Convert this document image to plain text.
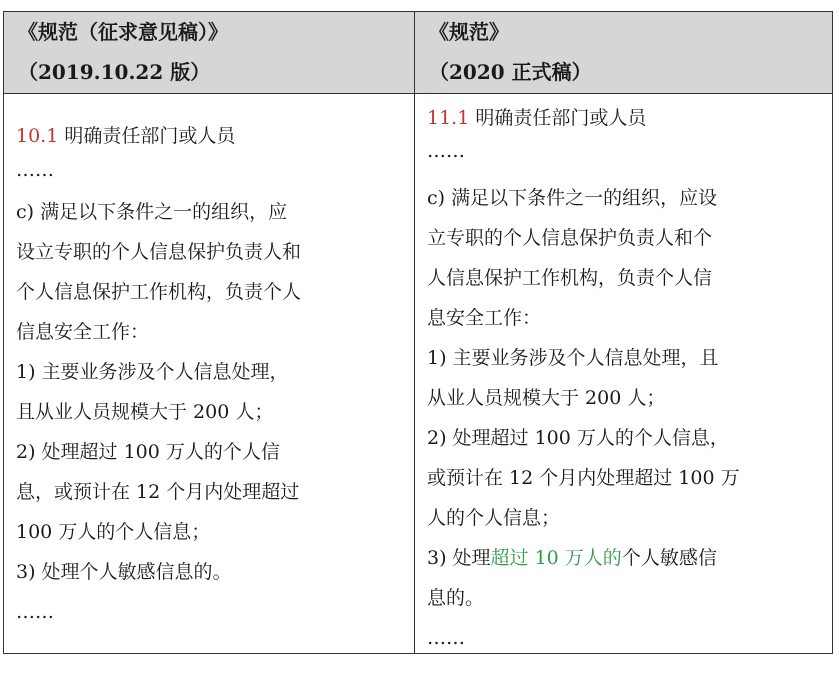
《规范（征求意见稿）》
（2019.10.22 版）
《规范》
（2020 正式稿）
10.1 明确责任部门或人员
……
c) 满足以下条件之一的组织，应
设立专职的个人信息保护负责人和
个人信息保护工作机构，负责个人
信息安全工作：
1) 主要业务涉及个人信息处理，
且从业人员规模大于 200 人；
2) 处理超过 100 万人的个人信
息，或预计在 12 个月内处理超过
100 万人的个人信息；
3) 处理个人敏感信息的。
……
11.1 明确责任部门或人员
……
c) 满足以下条件之一的组织，应设
立专职的个人信息保护负责人和个
人信息保护工作机构，负责个人信
息安全工作：
1) 主要业务涉及个人信息处理，且
从业人员规模大于 200 人；
2) 处理超过 100 万人的个人信息，
或预计在 12 个月内处理超过 100 万
人的个人信息；
3) 处理超过 10 万人的个人敏感信
息的。
……
